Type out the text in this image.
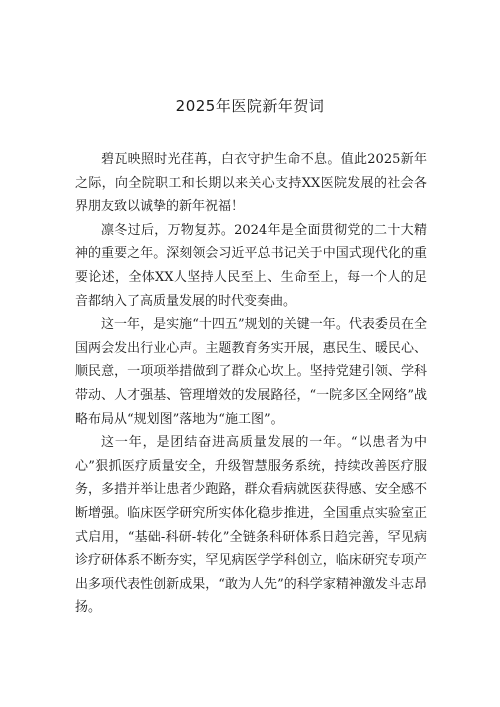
2025年医院新年贺词

碧瓦映照时光荏苒，白衣守护生命不息。值此2025新年之际，向全院职工和长期以来关心支持XX医院发展的社会各界朋友致以诚挚的新年祝福！

凛冬过后，万物复苏。2024年是全面贯彻党的二十大精神的重要之年。深刻领会习近平总书记关于中国式现代化的重要论述，全体XX人坚持人民至上、生命至上，每一个人的足音都纳入了高质量发展的时代变奏曲。

这一年，是实施“十四五”规划的关键一年。代表委员在全国两会发出行业心声。主题教育务实开展，惠民生、暖民心、顺民意，一项项举措做到了群众心坎上。坚持党建引领、学科带动、人才强基、管理增效的发展路径，“一院多区全网络”战略布局从“规划图”落地为“施工图”。

这一年，是团结奋进高质量发展的一年。“以患者为中心”狠抓医疗质量安全，升级智慧服务系统，持续改善医疗服务，多措并举让患者少跑路，群众看病就医获得感、安全感不断增强。临床医学研究所实体化稳步推进，全国重点实验室正式启用，“基础-科研-转化”全链条科研体系日趋完善，罕见病诊疗研体系不断夯实，罕见病医学学科创立，临床研究专项产出多项代表性创新成果，“敢为人先”的科学家精神激发斗志昂扬。
